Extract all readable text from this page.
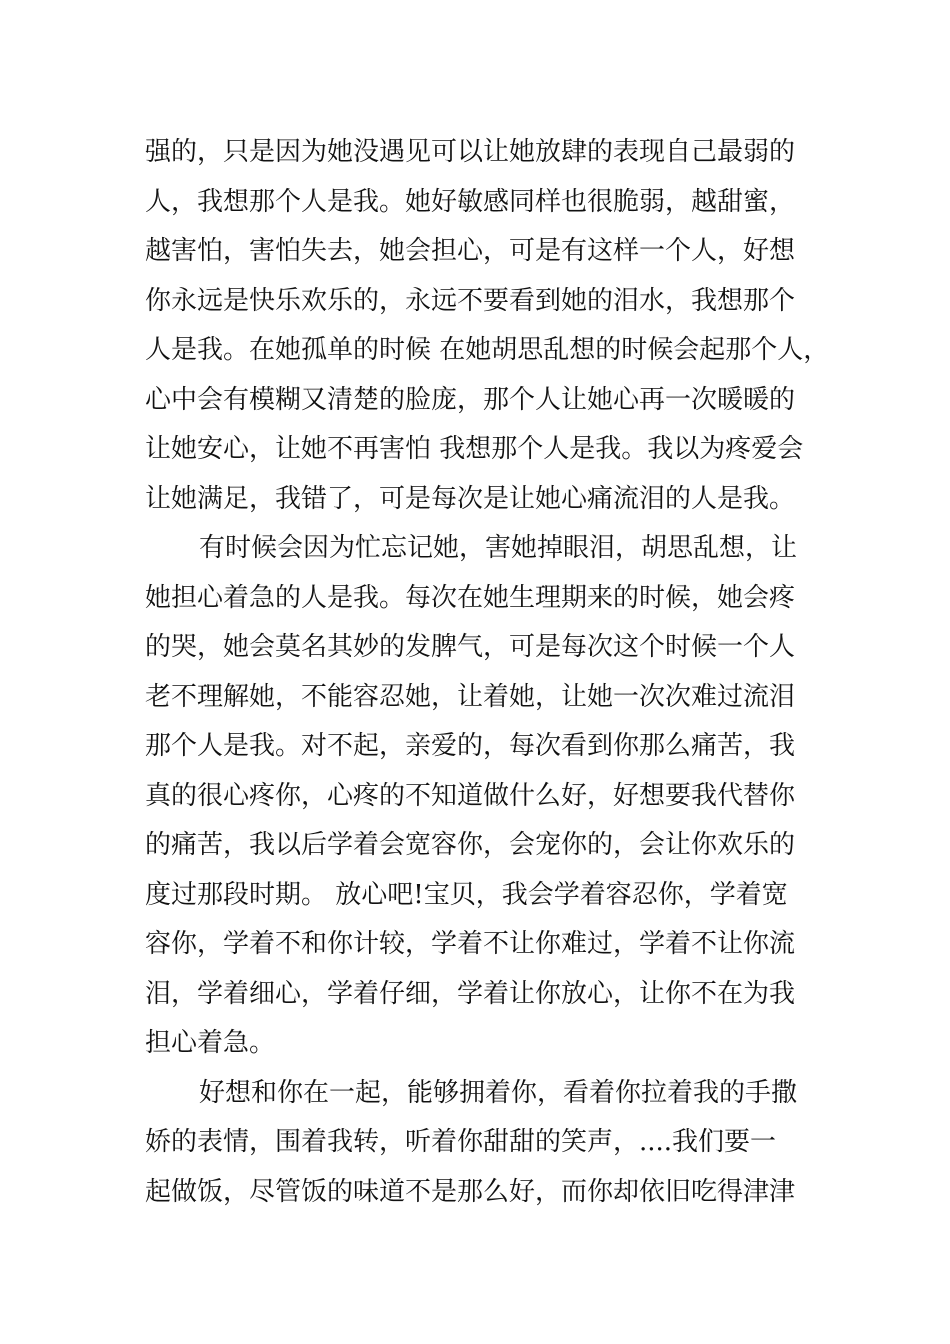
强的，只是因为她没遇见可以让她放肆的表现自己最弱的
人，我想那个人是我。她好敏感同样也很脆弱，越甜蜜，
越害怕，害怕失去，她会担心，可是有这样一个人，好想
你永远是快乐欢乐的，永远不要看到她的泪水，我想那个
人是我。在她孤单的时候 在她胡思乱想的时候会起那个人，
心中会有模糊又清楚的脸庞，那个人让她心再一次暖暖的
让她安心，让她不再害怕 我想那个人是我。我以为疼爱会
让她满足，我错了，可是每次是让她心痛流泪的人是我。
有时候会因为忙忘记她，害她掉眼泪，胡思乱想，让
她担心着急的人是我。每次在她生理期来的时候，她会疼
的哭，她会莫名其妙的发脾气，可是每次这个时候一个人
老不理解她，不能容忍她，让着她，让她一次次难过流泪
那个人是我。对不起，亲爱的，每次看到你那么痛苦，我
真的很心疼你，心疼的不知道做什么好，好想要我代替你
的痛苦，我以后学着会宽容你，会宠你的，会让你欢乐的
度过那段时期。 放心吧!宝贝，我会学着容忍你，学着宽
容你，学着不和你计较，学着不让你难过，学着不让你流
泪，学着细心，学着仔细，学着让你放心，让你不在为我
担心着急。
好想和你在一起，能够拥着你，看着你拉着我的手撒
娇的表情，围着我转，听着你甜甜的笑声，....我们要一
起做饭，尽管饭的味道不是那么好，而你却依旧吃得津津
